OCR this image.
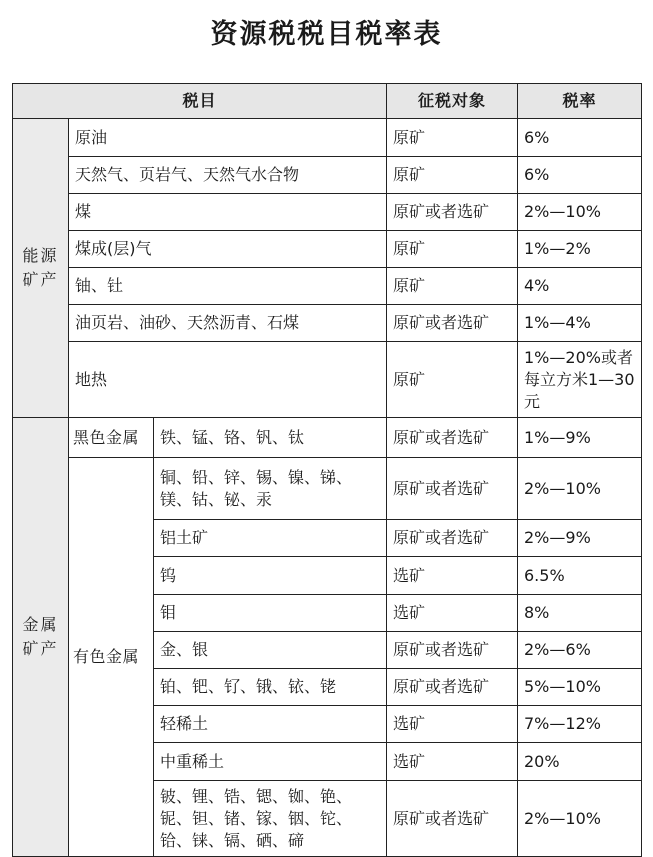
资源税税目税率表
税目			征税对象	税率
能源矿产	原油		原矿	6%
	天然气、页岩气、天然气水合物		原矿	6%
	煤		原矿或者选矿	2%—10%
	煤成(层)气		原矿	1%—2%
	铀、钍		原矿	4%
	油页岩、油砂、天然沥青、石煤		原矿或者选矿	1%—4%
	地热		原矿	1%—20%或者每立方米1—30元
金属矿产	黑色金属	铁、锰、铬、钒、钛	原矿或者选矿	1%—9%
	有色金属	铜、铅、锌、锡、镍、锑、镁、钴、铋、汞	原矿或者选矿	2%—10%
		铝土矿	原矿或者选矿	2%—9%
		钨	选矿	6.5%
		钼	选矿	8%
		金、银	原矿或者选矿	2%—6%
		铂、钯、钌、锇、铱、铑	原矿或者选矿	5%—10%
		轻稀土	选矿	7%—12%
		中重稀土	选矿	20%
		铍、锂、锆、锶、铷、铯、铌、钽、锗、镓、铟、铊、铪、铼、镉、硒、碲	原矿或者选矿	2%—10%
